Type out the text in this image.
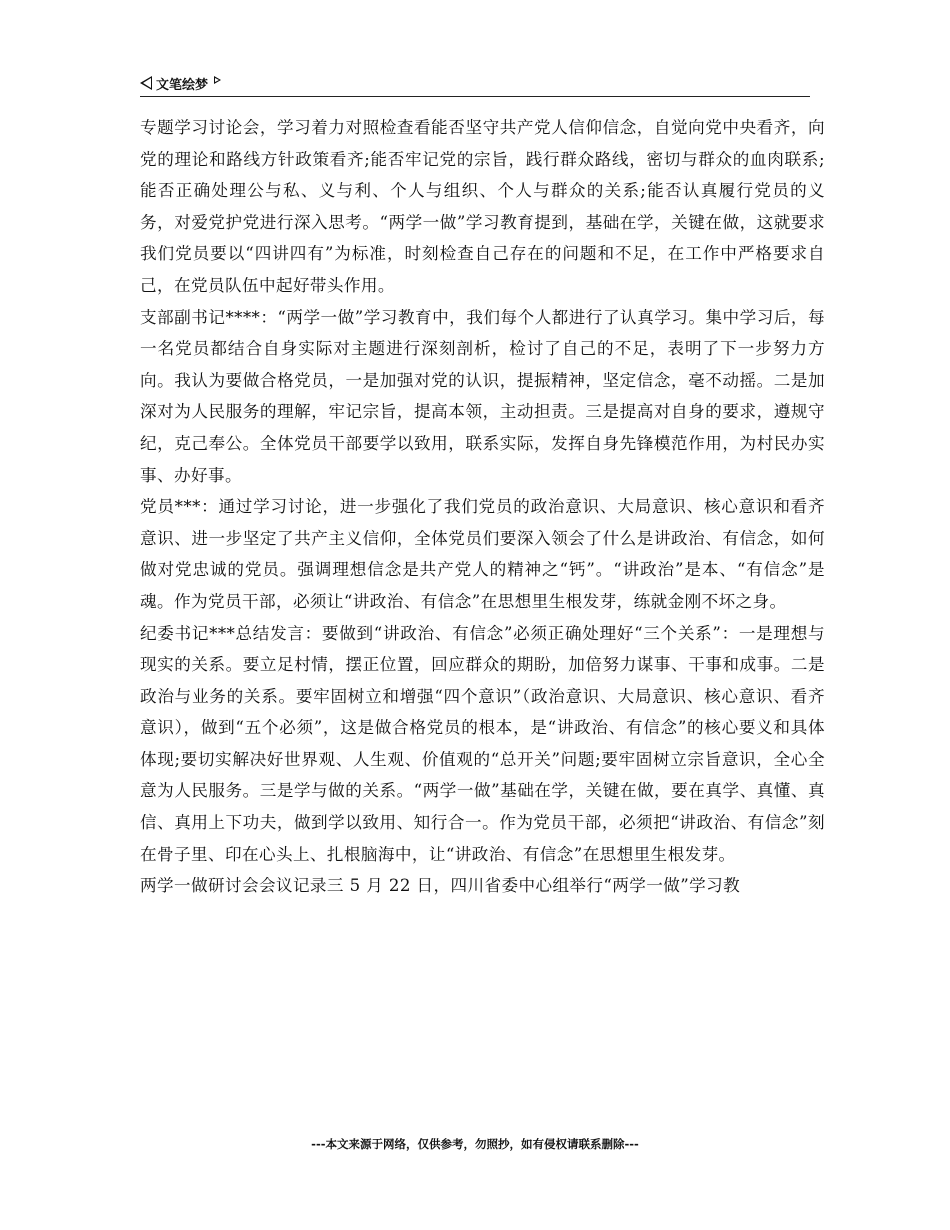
文笔绘梦

专题学习讨论会，学习着力对照检查看能否坚守共产党人信仰信念，自觉向党中央看齐，向党的理论和路线方针政策看齐;能否牢记党的宗旨，践行群众路线，密切与群众的血肉联系;能否正确处理公与私、义与利、个人与组织、个人与群众的关系;能否认真履行党员的义务，对爱党护党进行深入思考。“两学一做”学习教育提到，基础在学，关键在做，这就要求我们党员要以“四讲四有”为标准，时刻检查自己存在的问题和不足，在工作中严格要求自己，在党员队伍中起好带头作用。

支部副书记****：“两学一做”学习教育中，我们每个人都进行了认真学习。集中学习后，每一名党员都结合自身实际对主题进行深刻剖析，检讨了自己的不足，表明了下一步努力方向。我认为要做合格党员，一是加强对党的认识，提振精神，坚定信念，毫不动摇。二是加深对为人民服务的理解，牢记宗旨，提高本领，主动担责。三是提高对自身的要求，遵规守纪，克己奉公。全体党员干部要学以致用，联系实际，发挥自身先锋模范作用，为村民办实事、办好事。

党员***：通过学习讨论，进一步强化了我们党员的政治意识、大局意识、核心意识和看齐意识、进一步坚定了共产主义信仰，全体党员们要深入领会了什么是讲政治、有信念，如何做对党忠诚的党员。强调理想信念是共产党人的精神之“钙”。“讲政治”是本、“有信念”是魂。作为党员干部，必须让“讲政治、有信念”在思想里生根发芽，练就金刚不坏之身。

纪委书记***总结发言：要做到“讲政治、有信念”必须正确处理好“三个关系”：一是理想与现实的关系。要立足村情，摆正位置，回应群众的期盼，加倍努力谋事、干事和成事。二是政治与业务的关系。要牢固树立和增强“四个意识”（政治意识、大局意识、核心意识、看齐意识），做到“五个必须”，这是做合格党员的根本，是“讲政治、有信念”的核心要义和具体体现;要切实解决好世界观、人生观、价值观的“总开关”问题;要牢固树立宗旨意识，全心全意为人民服务。三是学与做的关系。“两学一做”基础在学，关键在做，要在真学、真懂、真信、真用上下功夫，做到学以致用、知行合一。作为党员干部，必须把“讲政治、有信念”刻在骨子里、印在心头上、扎根脑海中，让“讲政治、有信念”在思想里生根发芽。

两学一做研讨会会议记录三 5 月 22 日，四川省委中心组举行“两学一做”学习教

---本文来源于网络，仅供参考，勿照抄，如有侵权请联系删除---
